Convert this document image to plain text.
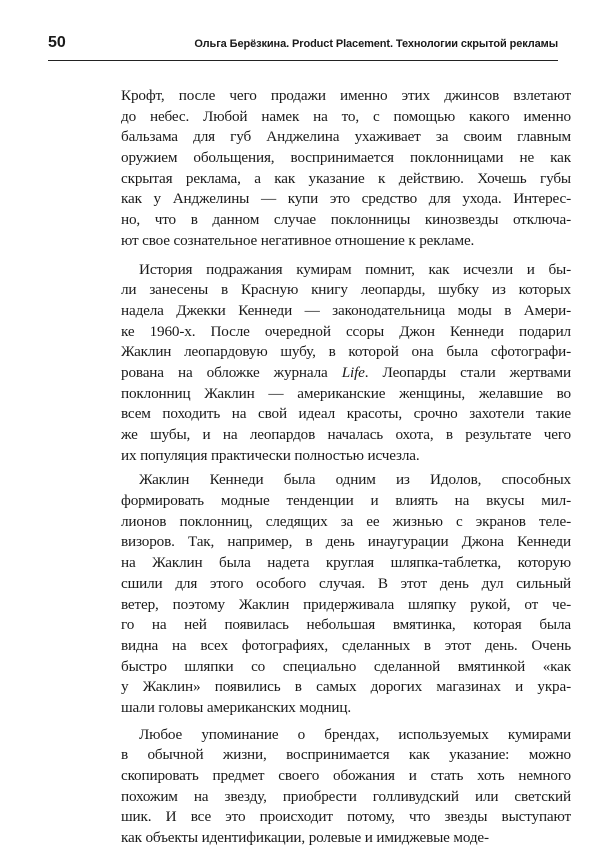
50	Ольга Берёзкина. Product Placement. Технологии скрытой рекламы
Крофт, после чего продажи именно этих джинсов взлетают
до небес. Любой намек на то, с помощью какого именно
бальзама для губ Анджелина ухаживает за своим главным
оружием обольщения, воспринимается поклонницами не как
скрытая реклама, а как указание к действию. Хочешь губы
как у Анджелины — купи это средство для ухода. Интерес-
но, что в данном случае поклонницы кинозвезды отключа-
ют свое сознательное негативное отношение к рекламе.
История подражания кумирам помнит, как исчезли и бы-
ли занесены в Красную книгу леопарды, шубку из которых
надела Джекки Кеннеди — законодательница моды в Амери-
ке 1960-х. После очередной ссоры Джон Кеннеди подарил
Жаклин леопардовую шубу, в которой она была сфотографи-
рована на обложке журнала Life. Леопарды стали жертвами
поклонниц Жаклин — американские женщины, желавшие во
всем походить на свой идеал красоты, срочно захотели такие
же шубы, и на леопардов началась охота, в результате чего
их популяция практически полностью исчезла.
Жаклин Кеннеди была одним из Идолов, способных
формировать модные тенденции и влиять на вкусы мил-
лионов поклонниц, следящих за ее жизнью с экранов теле-
визоров. Так, например, в день инаугурации Джона Кеннеди
на Жаклин была надета круглая шляпка-таблетка, которую
сшили для этого особого случая. В этот день дул сильный
ветер, поэтому Жаклин придерживала шляпку рукой, от че-
го на ней появилась небольшая вмятинка, которая была
видна на всех фотографиях, сделанных в этот день. Очень
быстро шляпки со специально сделанной вмятинкой «как
у Жаклин» появились в самых дорогих магазинах и укра-
шали головы американских модниц.
Любое упоминание о брендах, используемых кумирами
в обычной жизни, воспринимается как указание: можно
скопировать предмет своего обожания и стать хоть немного
похожим на звезду, приобрести голливудский или светский
шик. И все это происходит потому, что звезды выступают
как объекты идентификации, ролевые и имиджевые моде-
